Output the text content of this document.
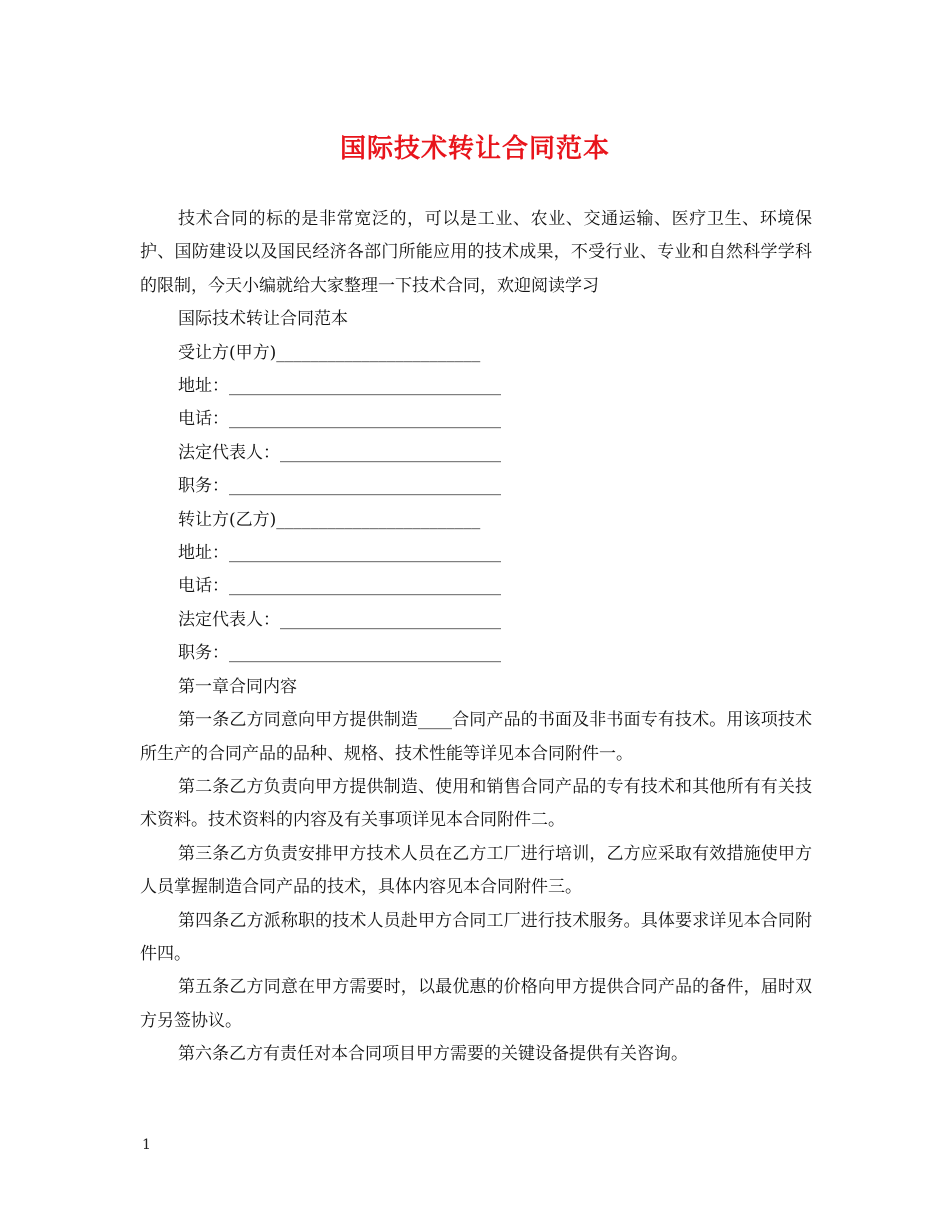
国际技术转让合同范本

技术合同的标的是非常宽泛的，可以是工业、农业、交通运输、医疗卫生、环境保护、国防建设以及国民经济各部门所能应用的技术成果，不受行业、专业和自然科学学科的限制，今天小编就给大家整理一下技术合同，欢迎阅读学习

国际技术转让合同范本

受让方(甲方)________________________

地址：________________________________

电话：________________________________

法定代表人：__________________________

职务：________________________________

转让方(乙方)________________________

地址：________________________________

电话：________________________________

法定代表人：__________________________

职务：________________________________

第一章合同内容

第一条乙方同意向甲方提供制造____合同产品的书面及非书面专有技术。用该项技术所生产的合同产品的品种、规格、技术性能等详见本合同附件一。

第二条乙方负责向甲方提供制造、使用和销售合同产品的专有技术和其他所有有关技术资料。技术资料的内容及有关事项详见本合同附件二。

第三条乙方负责安排甲方技术人员在乙方工厂进行培训，乙方应采取有效措施使甲方人员掌握制造合同产品的技术，具体内容见本合同附件三。

第四条乙方派称职的技术人员赴甲方合同工厂进行技术服务。具体要求详见本合同附件四。

第五条乙方同意在甲方需要时，以最优惠的价格向甲方提供合同产品的备件，届时双方另签协议。

第六条乙方有责任对本合同项目甲方需要的关键设备提供有关咨询。

1
